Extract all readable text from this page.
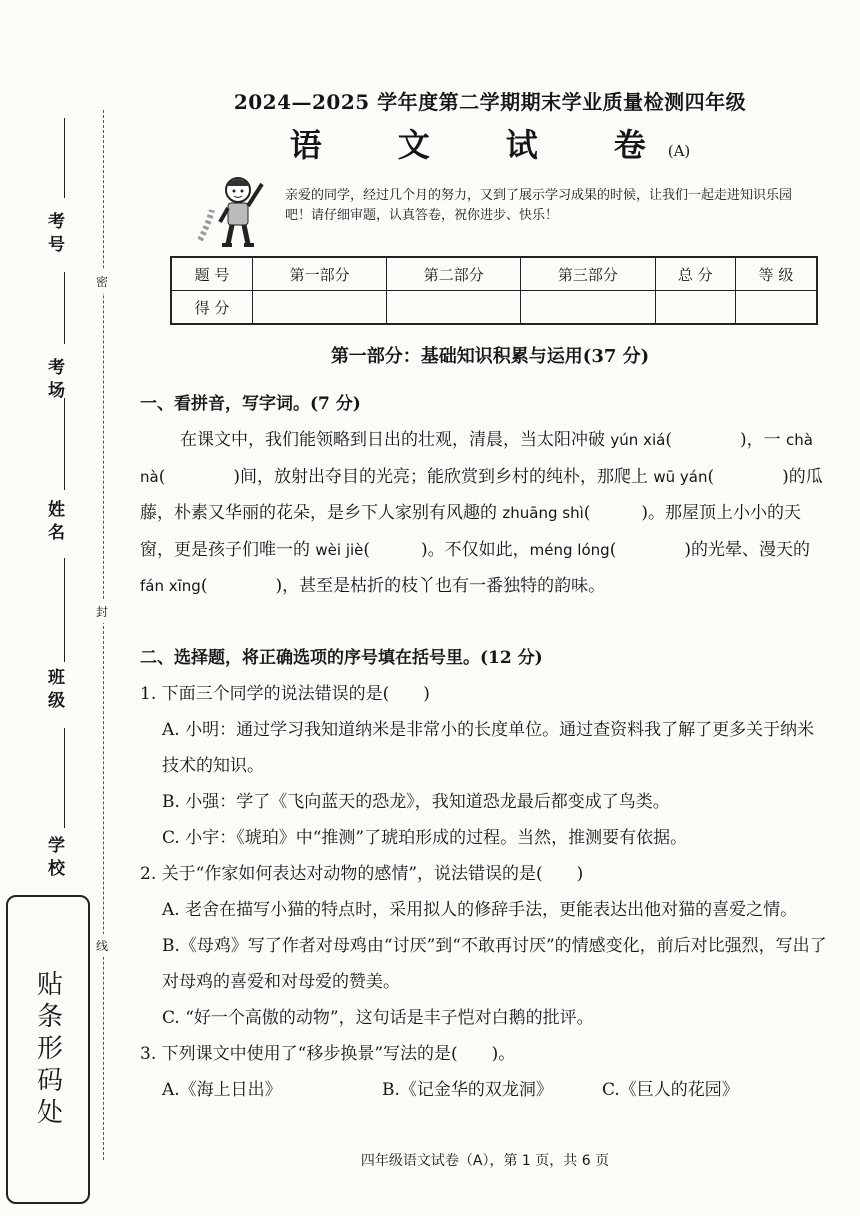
考号
考场
姓名
班级
学校
密
封
线
贴条形码处
2024—2025 学年度第二学期期末学业质量检测四年级
语　文　试　卷(A)
亲爱的同学，经过几个月的努力，又到了展示学习成果的时候，让我们一起走进知识乐园吧！请仔细审题，认真答卷，祝你进步、快乐！
题 号	第一部分	第二部分	第三部分	总 分	等 级
得 分					
第一部分：基础知识积累与运用(37 分)
一、看拼音，写字词。(7 分)
在课文中，我们能领略到日出的壮观，清晨，当太阳冲破 yún xiá(　　　　)，一 chà nà(　　　　)间，放射出夺目的光亮；能欣赏到乡村的纯朴，那爬上 wū yán(　　　　)的瓜藤，朴素又华丽的花朵，是乡下人家别有风趣的 zhuāng shì(　　　)。那屋顶上小小的天窗，更是孩子们唯一的 wèi jiè(　　　)。不仅如此，méng lóng(　　　　)的光晕、漫天的 fán xīng(　　　　)，甚至是枯折的枝丫也有一番独特的韵味。
二、选择题，将正确选项的序号填在括号里。(12 分)
1. 下面三个同学的说法错误的是(　　)
A. 小明：通过学习我知道纳米是非常小的长度单位。通过查资料我了解了更多关于纳米技术的知识。
B. 小强：学了《飞向蓝天的恐龙》，我知道恐龙最后都变成了鸟类。
C. 小宇：《琥珀》中“推测”了琥珀形成的过程。当然，推测要有依据。
2. 关于“作家如何表达对动物的感情”，说法错误的是(　　)
A. 老舍在描写小猫的特点时，采用拟人的修辞手法，更能表达出他对猫的喜爱之情。
B.《母鸡》写了作者对母鸡由“讨厌”到“不敢再讨厌”的情感变化，前后对比强烈，写出了对母鸡的喜爱和对母爱的赞美。
C. “好一个高傲的动物”，这句话是丰子恺对白鹅的批评。
3. 下列课文中使用了“移步换景”写法的是(　　)。
A.《海上日出》	B.《记金华的双龙洞》	C.《巨人的花园》
四年级语文试卷（A），第 1 页，共 6 页
